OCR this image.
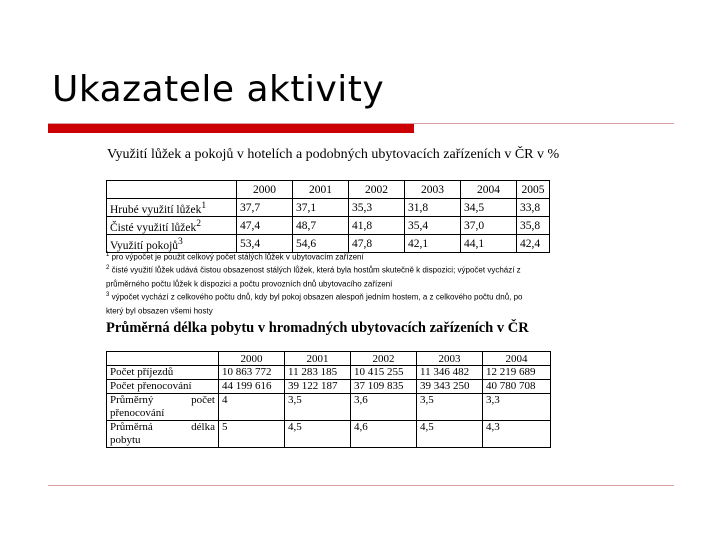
Ukazatele aktivity
Využití lůžek a pokojů v hotelích a podobných ubytovacích zařízeních v ČR v %
	2000	2001	2002	2003	2004	2005
Hrubé využití lůžek$^1$	37,7	37,1	35,3	31,8	34,5	33,8
Čisté využití lůžek$^2$	47,4	48,7	41,8	35,4	37,0	35,8
Využití pokojů$^3$	53,4	54,6	47,8	42,1	44,1	42,4
$^1$ pro výpočet je použit celkový počet stálých lůžek v ubytovacím zařízení
$^2$ čisté využití lůžek udává čistou obsazenost stálých lůžek, která byla hostům skutečně k dispozici; výpočet vychází z
průměrného počtu lůžek k dispozici a počtu provozních dnů ubytovacího zařízení
$^3$ výpočet vychází z celkového počtu dnů, kdy byl pokoj obsazen alespoň jedním hostem, a z celkového počtu dnů, po
který byl obsazen všemi hosty
Průměrná délka pobytu v hromadných ubytovacích zařízeních v ČR
	2000	2001	2002	2003	2004
Počet příjezdů	10 863 772	11 283 185	10 415 255	11 346 482	12 219 689
Počet přenocování	44 199 616	39 122 187	37 109 835	39 343 250	40 780 708

Průměrný počet
přenocování	4	3,5	3,6	3,5	3,3

Průměrná délka
pobytu	5	4,5	4,6	4,5	4,3
